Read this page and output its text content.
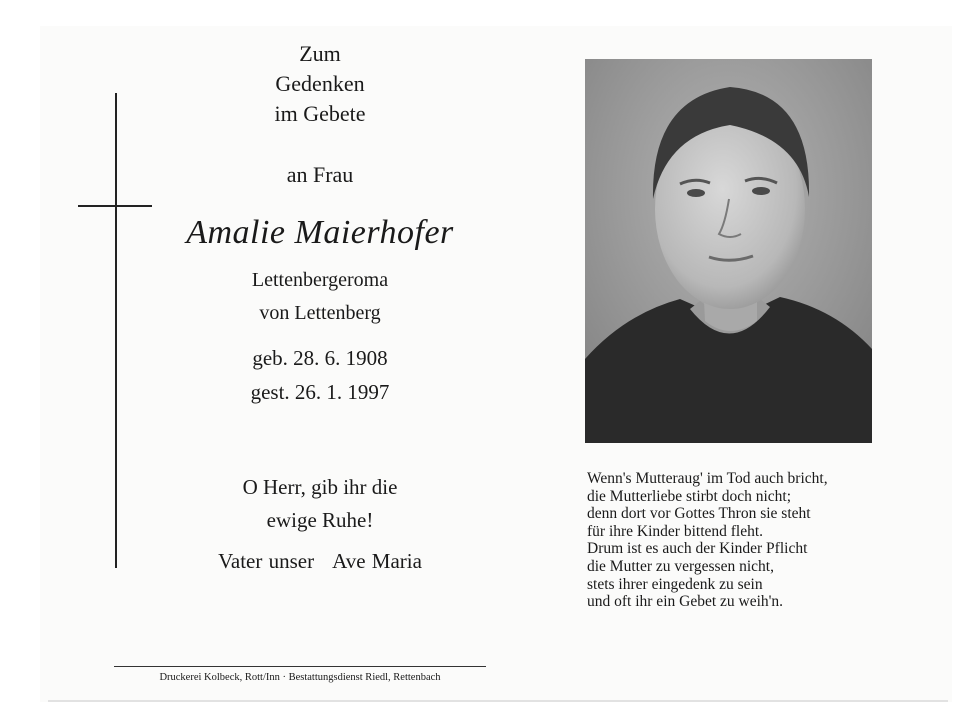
Zum
Gedenken
im Gebete
an Frau
Amalie Maierhofer
Lettenbergeroma
von Lettenberg
geb. 28. 6. 1908
gest. 26. 1. 1997
O Herr, gib ihr die
ewige Ruhe!
Vater unser Ave Maria
Druckerei Kolbeck, Rott/Inn · Bestattungsdienst Riedl, Rettenbach
Wenn's Mutteraug' im Tod auch bricht,
die Mutterliebe stirbt doch nicht;
denn dort vor Gottes Thron sie steht
für ihre Kinder bittend fleht.
Drum ist es auch der Kinder Pflicht
die Mutter zu vergessen nicht,
stets ihrer eingedenk zu sein
und oft ihr ein Gebet zu weih'n.
